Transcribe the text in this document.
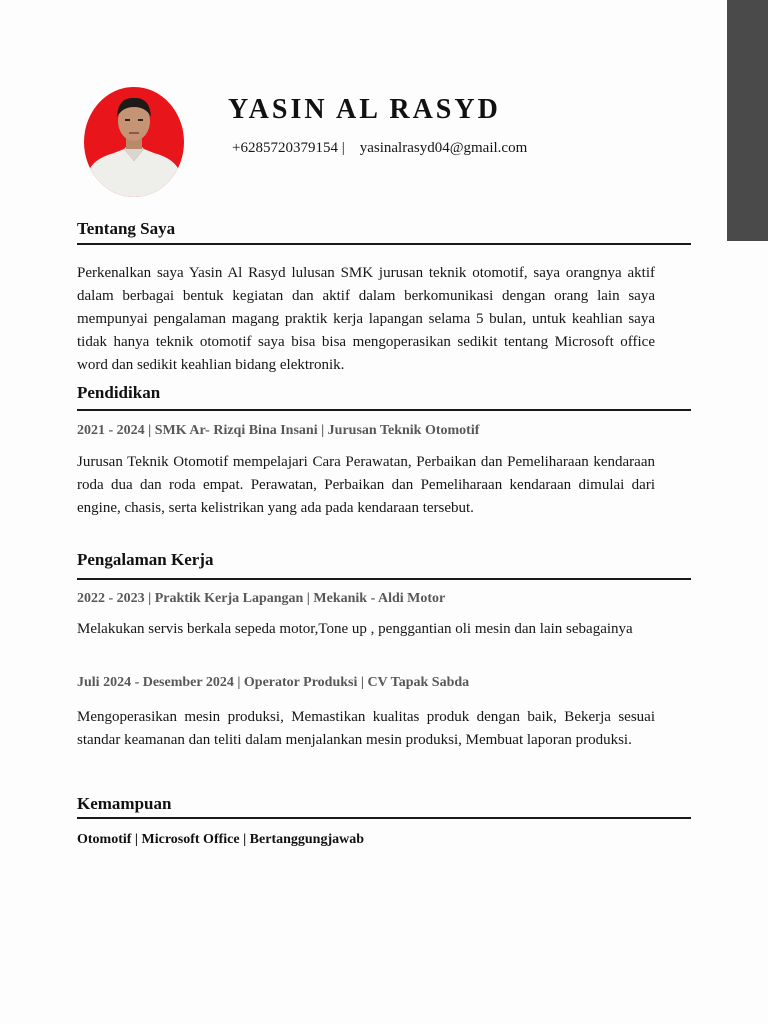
YASIN AL RASYD
+6285720379154 |    yasinalrasyd04@gmail.com
Tentang Saya

Perkenalkan saya Yasin Al Rasyd lulusan SMK jurusan teknik otomotif, saya orangnya aktif dalam berbagai bentuk kegiatan dan aktif dalam berkomunikasi dengan orang lain saya mempunyai pengalaman magang praktik kerja lapangan selama 5 bulan, untuk keahlian saya tidak hanya teknik otomotif saya bisa bisa mengoperasikan sedikit tentang Microsoft office word dan sedikit keahlian bidang elektronik.

Pendidikan

2021 - 2024 | SMK Ar- Rizqi Bina Insani | Jurusan Teknik Otomotif

Jurusan Teknik Otomotif mempelajari Cara Perawatan, Perbaikan dan Pemeliharaan kendaraan roda dua dan roda empat. Perawatan, Perbaikan dan Pemeliharaan kendaraan dimulai dari engine, chasis, serta kelistrikan yang ada pada kendaraan tersebut.

Pengalaman Kerja

2022 - 2023 | Praktik Kerja Lapangan | Mekanik - Aldi Motor

Melakukan servis berkala sepeda motor,Tone up , penggantian oli mesin dan lain sebagainya

Juli 2024 - Desember 2024 | Operator Produksi | CV Tapak Sabda

Mengoperasikan mesin produksi, Memastikan kualitas produk dengan baik, Bekerja sesuai standar keamanan dan teliti dalam menjalankan mesin produksi, Membuat laporan produksi.

Kemampuan

Otomotif | Microsoft Office | Bertanggungjawab
